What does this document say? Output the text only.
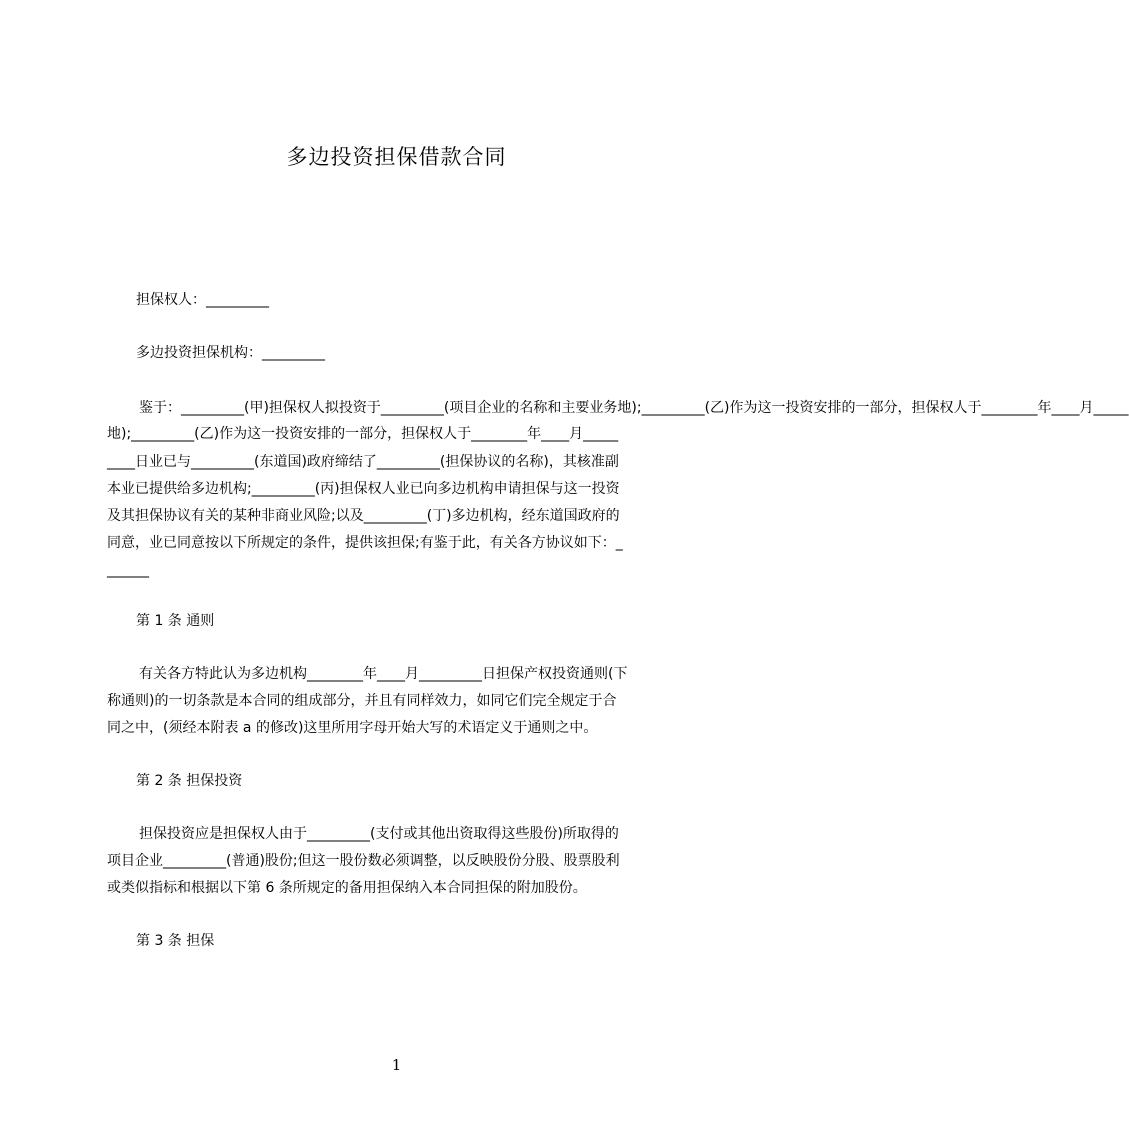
多边投资担保借款合同
担保权人：_________
多边投资担保机构：_________
鉴于：_________(甲)担保权人拟投资于_________(项目企业的名称和主要业务地);_________(乙)作为这一投资安排的一部分，担保权人于________年____月_____
地);_________(乙)作为这一投资安排的一部分，担保权人于________年____月_____
____日业已与_________(东道国)政府缔结了_________(担保协议的名称)，其核准副
本业已提供给多边机构;_________(丙)担保权人业已向多边机构申请担保与这一投资
及其担保协议有关的某种非商业风险;以及_________(丁)多边机构，经东道国政府的
同意，业已同意按以下所规定的条件，提供该担保;有鉴于此，有关各方协议如下：_
______
第 1 条 通则
有关各方特此认为多边机构________年____月_________日担保产权投资通则(下
称通则)的一切条款是本合同的组成部分，并且有同样效力，如同它们完全规定于合
同之中，(须经本附表 a 的修改)这里所用字母开始大写的术语定义于通则之中。
第 2 条 担保投资
担保投资应是担保权人由于_________(支付或其他出资取得这些股份)所取得的
项目企业_________(普通)股份;但这一股份数必须调整，以反映股份分股、股票股利
或类似指标和根据以下第 6 条所规定的备用担保纳入本合同担保的附加股份。
第 3 条 担保
1
